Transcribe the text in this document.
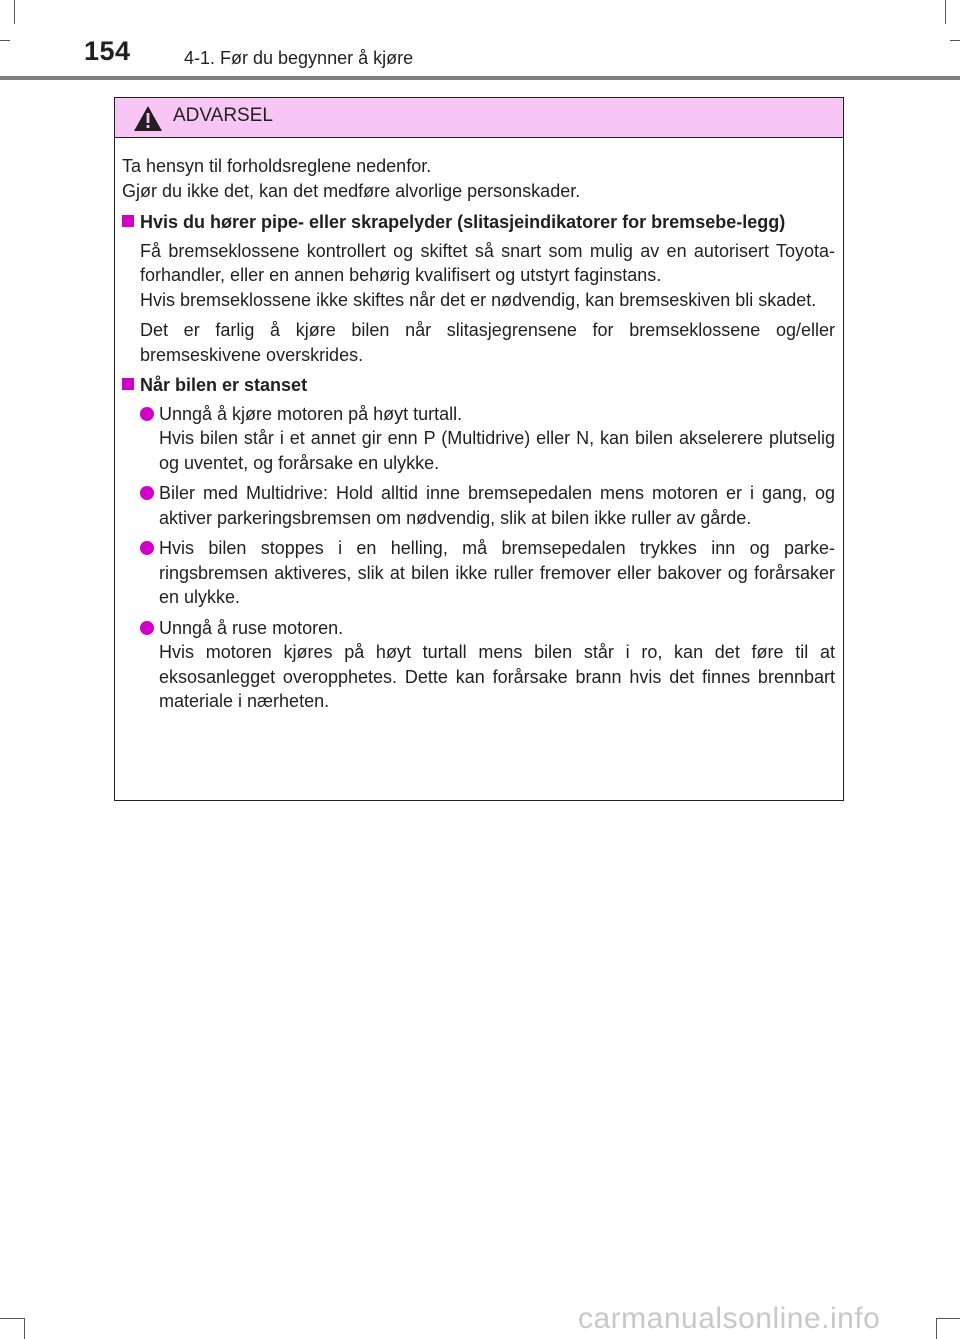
154	4-1. Før du begynner å kjøre
ADVARSEL
Ta hensyn til forholdsreglene nedenfor.
Gjør du ikke det, kan det medføre alvorlige personskader.
Hvis du hører pipe- eller skrapelyder (slitasjeindikatorer for bremsebe-legg)
Få bremseklossene kontrollert og skiftet så snart som mulig av en autorisert Toyota-forhandler, eller en annen behørig kvalifisert og utstyrt faginstans.
Hvis bremseklossene ikke skiftes når det er nødvendig, kan bremseskiven bli skadet.
Det er farlig å kjøre bilen når slitasjegrensene for bremseklossene og/eller bremseskivene overskrides.
Når bilen er stanset
Unngå å kjøre motoren på høyt turtall.
Hvis bilen står i et annet gir enn P (Multidrive) eller N, kan bilen akselerere plutselig og uventet, og forårsake en ulykke.
Biler med Multidrive: Hold alltid inne bremsepedalen mens motoren er i gang, og aktiver parkeringsbremsen om nødvendig, slik at bilen ikke ruller av gårde.
Hvis bilen stoppes i en helling, må bremsepedalen trykkes inn og parke-ringsbremsen aktiveres, slik at bilen ikke ruller fremover eller bakover og forårsaker en ulykke.
Unngå å ruse motoren.
Hvis motoren kjøres på høyt turtall mens bilen står i ro, kan det føre til at eksosanlegget overopphetes. Dette kan forårsake brann hvis det finnes brennbart materiale i nærheten.
carmanualsonline.info
